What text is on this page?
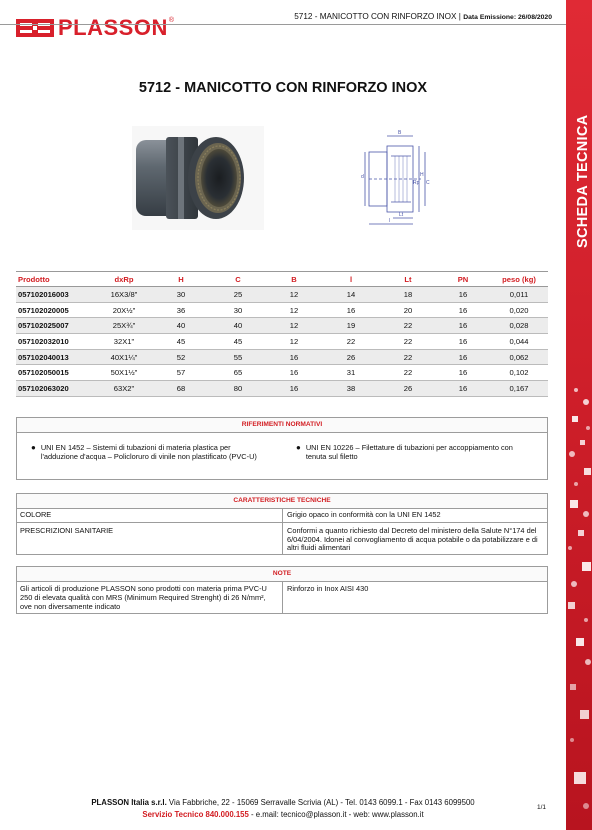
PLASSON ®	5712 - MANICOTTO CON RINFORZO INOX | Data Emissione: 26/08/2020
5712 - MANICOTTO CON RINFORZO INOX
B
H
C
d
Lt
l
Rp
Prodotto	dxRp	H	C	B	l	Lt	PN	peso (kg)
057102016003	16X3/8"	30	25	12	14	18	16	0,011
057102020005	20X½"	36	30	12	16	20	16	0,020
057102025007	25X¾"	40	40	12	19	22	16	0,028
057102032010	32X1"	45	45	12	22	22	16	0,044
057102040013	40X1¼"	52	55	16	26	22	16	0,062
057102050015	50X1½"	57	65	16	31	22	16	0,102
057102063020	63X2"	68	80	16	38	26	16	0,167
RIFERIMENTI NORMATIVI
● UNI EN 1452 – Sistemi di tubazioni di materia plastica per l'adduzione d'acqua – Policloruro di vinile non plastificato (PVC-U)
● UNI EN 10226 – Filettature di tubazioni per accoppiamento con tenuta sul filetto
CARATTERISTICHE TECNICHE
COLORE	Grigio opaco in conformità con la UNI EN 1452
PRESCRIZIONI SANITARIE	Conformi a quanto richiesto dal Decreto del ministero della Salute N°174 del 6/04/2004. Idonei al convogliamento di acqua potabile o da potabilizzare e di altri fluidi alimentari
NOTE
Gli articoli di produzione PLASSON sono prodotti con materia prima PVC-U 250 di elevata qualità con MRS (Minimum Required Strenght) di 26 N/mm², ove non diversamente indicato
Rinforzo in Inox AISI 430
PLASSON Italia s.r.l. Via Fabbriche, 22 - 15069 Serravalle Scrivia (AL) - Tel. 0143 6099.1 - Fax 0143 6099500
Servizio Tecnico 840.000.155 - e.mail: tecnico@plasson.it - web: www.plasson.it
1/1
SCHEDA TECNICA
